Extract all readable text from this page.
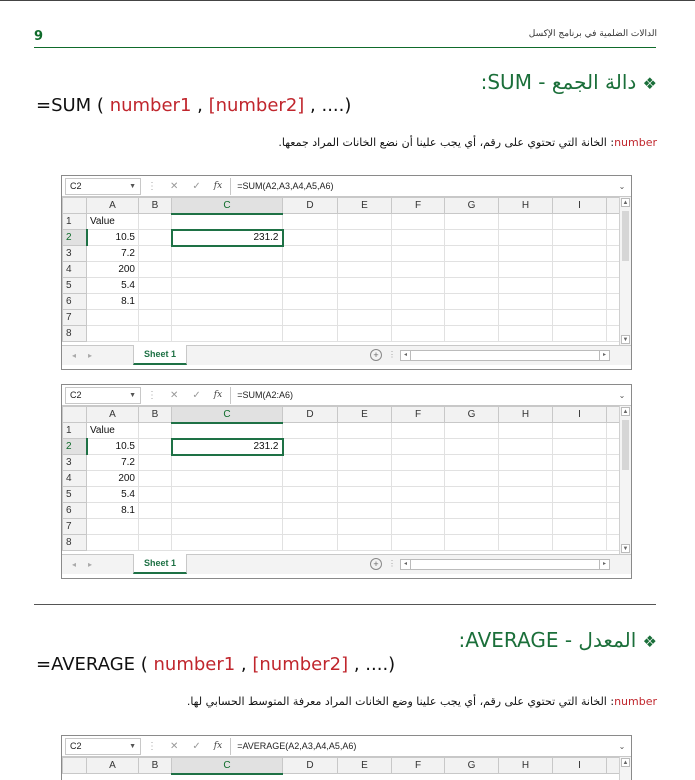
9	الدالات الضلمية في برنامج الإكسل
❖ دالة الجمع :SUM -
=SUM ( number1 , [number2] , ....)
number: الخانة التي تحتوي على رقم، أي يجب علينا أن نضع الخانات المراد جمعها.
C2	▼ ⋮ ✕ ✓ fx	=SUM(A2,A3,A4,A5,A6)	⌄
	A	B	C	D	E	F	G	H	I	
1	Value									
2	10.5		231.2							
3	7.2									
4	200									
5	5.4									
6	8.1									
7										
8										
▲
▼
◂▸	Sheet 1	+	⋮	◂	▸
C2	▼ ⋮ ✕ ✓ fx	=SUM(A2:A6)	⌄
	A	B	C	D	E	F	G	H	I	
1	Value									
2	10.5		231.2							
3	7.2									
4	200									
5	5.4									
6	8.1									
7										
8										
▲
▼
◂▸	Sheet 1	+	⋮	◂	▸
❖ المعدل :AVERAGE -
=AVERAGE ( number1 , [number2] , ....)
number: الخانة التي تحتوي على رقم، أي يجب علينا وضع الخانات المراد معرفة المتوسط الحسابي لها.
C2	▼ ⋮ ✕ ✓ fx	=AVERAGE(A2,A3,A4,A5,A6)	⌄
	A	B	C	D	E	F	G	H	I		▲
